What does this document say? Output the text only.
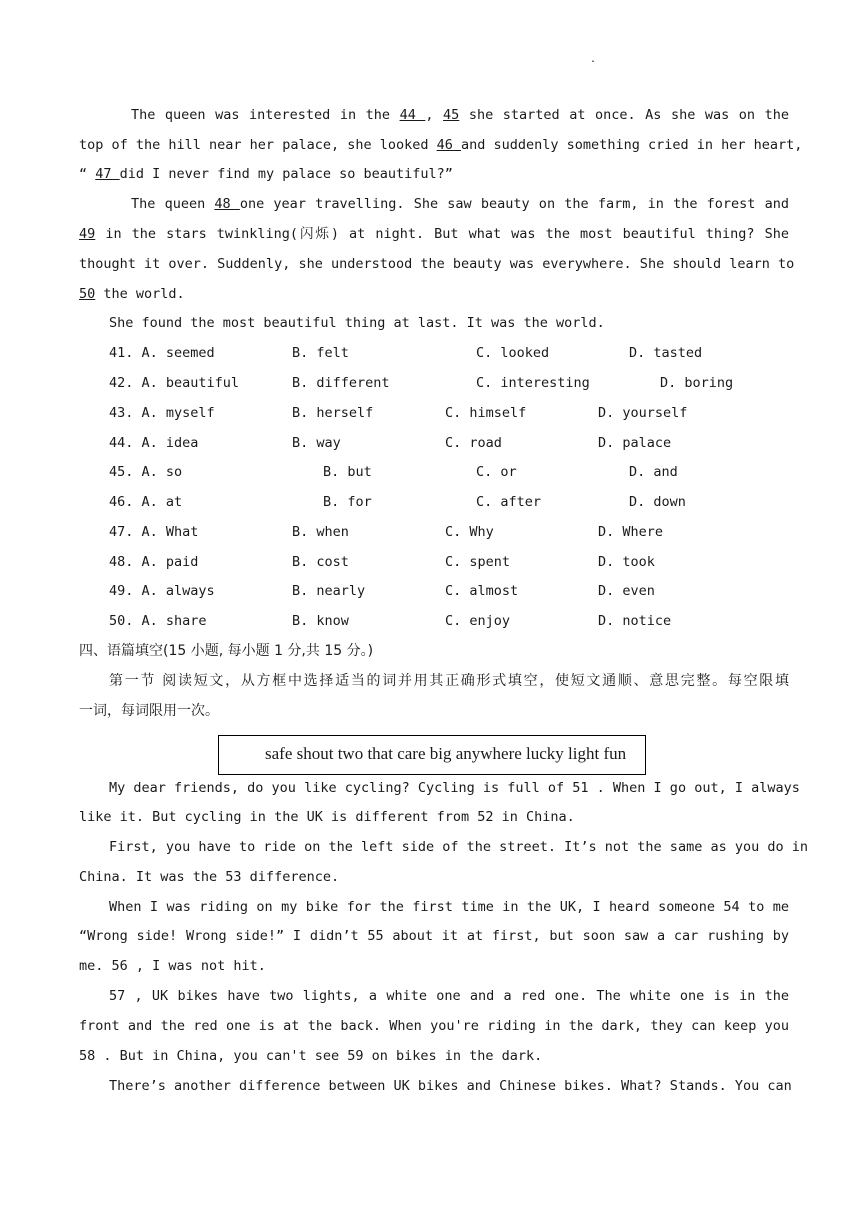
.
The queen was interested in the 44 , 45 she started at once. As she was on the
top of the hill near her palace, she looked 46 and suddenly something cried in her heart,
“ 47 did I never find my palace so beautiful?”
The queen 48 one year travelling. She saw beauty on the farm, in the forest and
49 in the stars twinkling(闪烁) at night. But what was the most beautiful thing? She
thought it over. Suddenly, she understood the beauty was everywhere. She should learn to
50 the world.
She found the most beautiful thing at last. It was the world.
41. A. seemed	B. felt	C. looked	D. tasted
42. A. beautiful	B. different	C. interesting	D. boring
43. A. myself	B. herself	C. himself	D. yourself
44. A. idea	B. way	C. road	D. palace
45. A. so	B. but	C. or	D. and
46. A. at	B. for	C. after	D. down
47. A. What	B. when	C. Why	D. Where
48. A. paid	B. cost	C. spent	D. took
49. A. always	B. nearly	C. almost	D. even
50. A. share	B. know	C. enjoy	D. notice
四、语篇填空(15 小题, 每小题 1 分,共 15 分。)
第一节 阅读短文，从方框中选择适当的词并用其正确形式填空，使短文通顺、意思完整。每空限填
一词，每词限用一次。
safe shout two that care big anywhere lucky light fun
My dear friends, do you like cycling? Cycling is full of 51 . When I go out, I always
like it. But cycling in the UK is different from 52 in China.
First, you have to ride on the left side of the street. It’s not the same as you do in
China. It was the 53 difference.
When I was riding on my bike for the first time in the UK, I heard someone 54 to me
“Wrong side! Wrong side!” I didn’t 55 about it at first, but soon saw a car rushing by
me. 56 , I was not hit.
57 , UK bikes have two lights, a white one and a red one. The white one is in the
front and the red one is at the back. When you're riding in the dark, they can keep you
58 . But in China, you can't see 59 on bikes in the dark.
There’s another difference between UK bikes and Chinese bikes. What? Stands. You can
